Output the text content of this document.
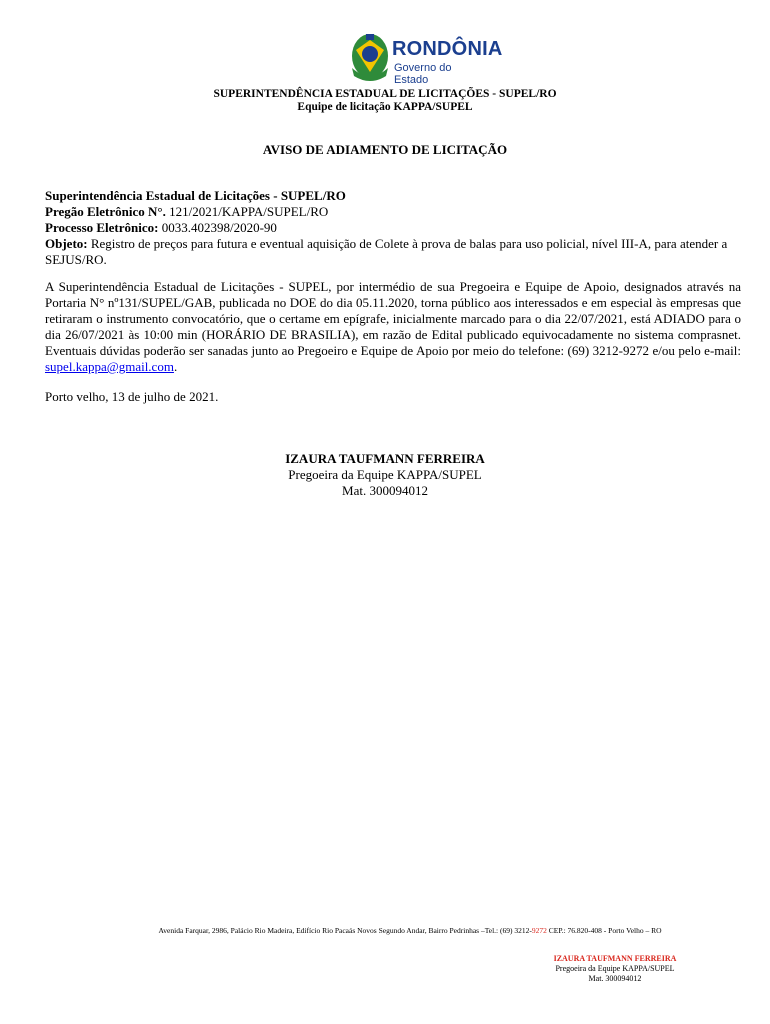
RONDÔNIA
Governo do Estado
SUPERINTENDÊNCIA ESTADUAL DE LICITAÇÕES - SUPEL/RO
Equipe de licitação KAPPA/SUPEL
AVISO DE ADIAMENTO DE LICITAÇÃO
Superintendência Estadual de Licitações - SUPEL/RO
Pregão Eletrônico N°. 121/2021/KAPPA/SUPEL/RO
Processo Eletrônico: 0033.402398/2020-90
Objeto: Registro de preços para futura e eventual aquisição de Colete à prova de balas para uso policial, nível III-A, para atender a SEJUS/RO.
A Superintendência Estadual de Licitações - SUPEL, por intermédio de sua Pregoeira e Equipe de Apoio, designados através na Portaria N° nº131/SUPEL/GAB, publicada no DOE do dia 05.11.2020, torna público aos interessados e em especial às empresas que retiraram o instrumento convocatório, que o certame em epígrafe, inicialmente marcado para o dia 22/07/2021, está ADIADO para o dia 26/07/2021 às 10:00 min (HORÁRIO DE BRASILIA), em razão de Edital publicado equivocadamente no sistema comprasnet. Eventuais dúvidas poderão ser sanadas junto ao Pregoeiro e Equipe de Apoio por meio do telefone: (69) 3212-9272 e/ou pelo e-mail: supel.kappa@gmail.com.
Porto velho, 13 de julho de 2021.
IZAURA TAUFMANN FERREIRA
Pregoeira da Equipe KAPPA/SUPEL
Mat. 300094012
Avenida Farquar, 2986, Palácio Rio Madeira, Edifício Rio Pacaás Novos Segundo Andar, Bairro Pedrinhas –Tel.: (69) 3212-9272 CEP.: 76.820-408 - Porto Velho – RO
IZAURA TAUFMANN FERREIRA
Pregoeira da Equipe KAPPA/SUPEL
Mat. 300094012
